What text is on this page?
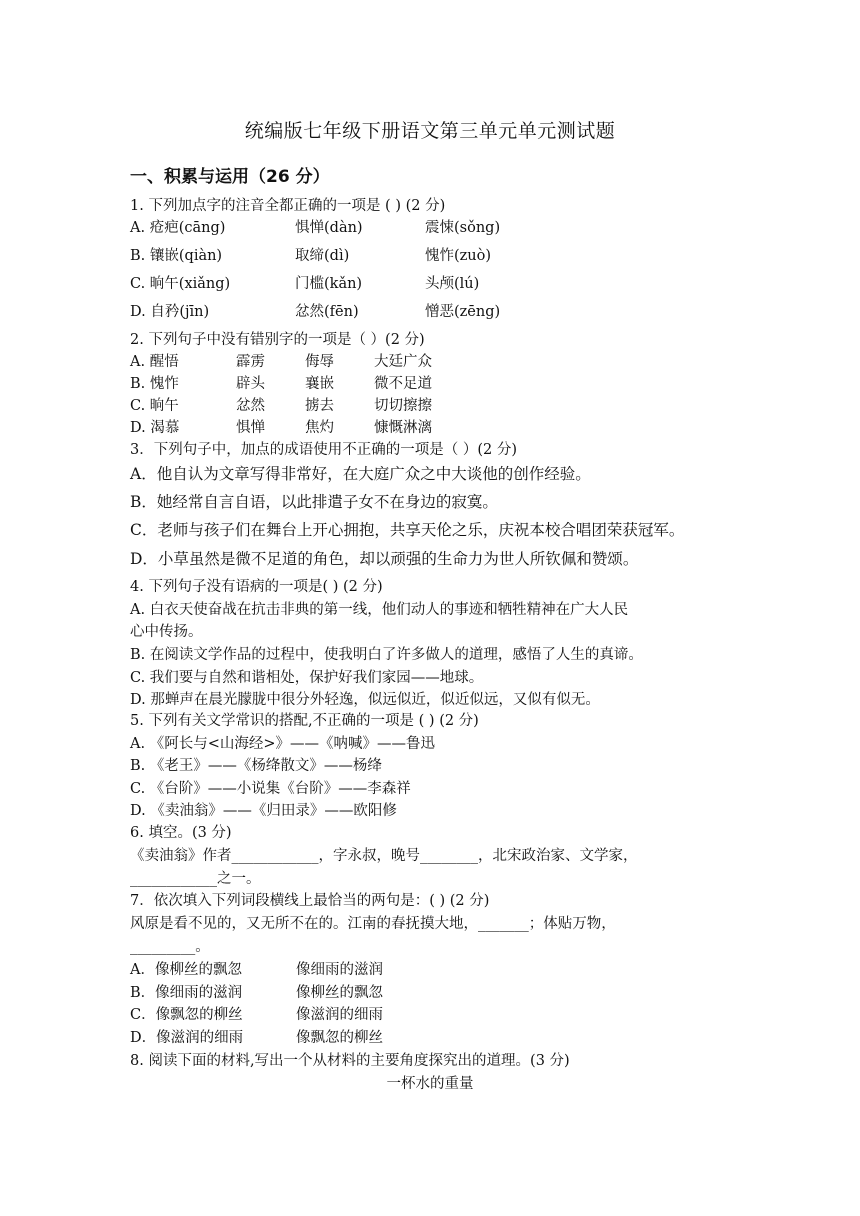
统编版七年级下册语文第三单元单元测试题
一、积累与运用（26 分）
1. 下列加点字的注音全都正确的一项是 ( ) (2 分)
A. 疮疤(cāng)	惧惮(dàn)	震悚(sǒng)
B. 镶嵌(qiàn)	取缔(dì)	愧怍(zuò)
C. 晌午(xiǎng)	门槛(kǎn)	头颅(lú)
D. 自矜(jīn)	忿然(fēn)	憎恶(zēng)
2. 下列句子中没有错别字的一项是（ ）(2 分)
A. 醒悟	霹雳	侮辱	大廷广众
B. 愧怍	辟头	襄嵌	微不足道
C. 晌午	忿然	掳去	切切擦擦
D. 渴慕	惧惮	焦灼	慷慨淋漓
3．下列句子中，加点的成语使用不正确的一项是（ ）(2 分)
A．他自认为文章写得非常好，在大庭广众之中大谈他的创作经验。
B．她经常自言自语，以此排遣子女不在身边的寂寞。
C．老师与孩子们在舞台上开心拥抱，共享天伦之乐，庆祝本校合唱团荣获冠军。
D．小草虽然是微不足道的角色，却以顽强的生命力为世人所钦佩和赞颂。
4. 下列句子没有语病的一项是( ) (2 分)
A. 白衣天使奋战在抗击非典的第一线，他们动人的事迹和牺牲精神在广大人民
心中传扬。
B. 在阅读文学作品的过程中，使我明白了许多做人的道理，感悟了人生的真谛。
C. 我们要与自然和谐相处，保护好我们家园——地球。
D. 那蝉声在晨光朦胧中很分外轻逸，似远似近，似近似远，又似有似无。
5. 下列有关文学常识的搭配,不正确的一项是 ( ) (2 分)
A. 《阿长与<山海经>》——《呐喊》——鲁迅
B. 《老王》——《杨绛散文》——杨绛
C. 《台阶》——小说集《台阶》——李森祥
D. 《卖油翁》——《归田录》——欧阳修
6. 填空。(3 分)
《卖油翁》作者____________，字永叔，晚号________，北宋政治家、文学家，
____________之一。
7．依次填入下列词段横线上最恰当的两句是：( ) (2 分)
风原是看不见的，又无所不在的。江南的春抚摸大地，_______；体贴万物，
_________。
A．像柳丝的飘忽	像细雨的滋润
B．像细雨的滋润	像柳丝的飘忽
C．像飘忽的柳丝	像滋润的细雨
D．像滋润的细雨	像飘忽的柳丝
8. 阅读下面的材料,写出一个从材料的主要角度探究出的道理。(3 分)
一杯水的重量
